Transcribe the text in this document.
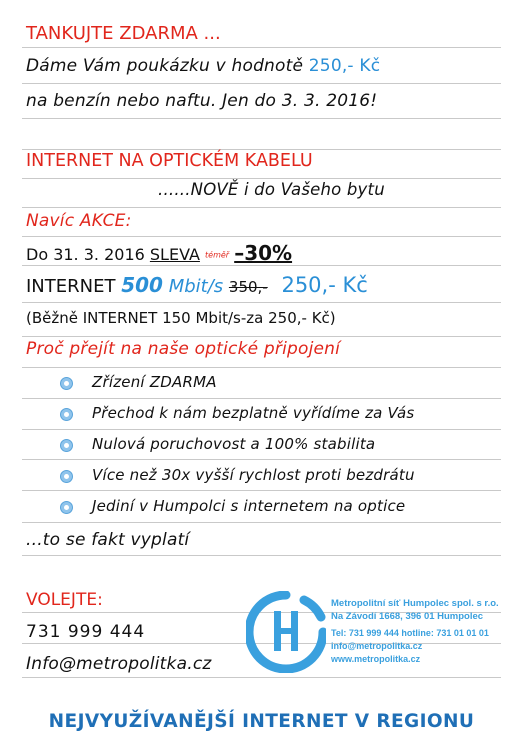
TANKUJTE ZDARMA ...
Dáme Vám poukázku v hodnotě 250,- Kč
na benzín nebo naftu. Jen do 3. 3. 2016!
INTERNET NA OPTICKÉM KABELU
......NOVĚ i do Vašeho bytu
Navíc AKCE:
Do 31. 3. 2016 SLEVA téměř –30%
INTERNET 500 Mbit/s 350,- 250,- Kč
(Běžně INTERNET 150 Mbit/s-za 250,- Kč)
Proč přejít na naše optické připojení
Zřízení ZDARMA
Přechod k nám bezplatně vyřídíme za Vás
Nulová poruchovost a 100% stabilita
Více než 30x vyšší rychlost proti bezdrátu
Jediní v Humpolci s internetem na optice
...to se fakt vyplatí
VOLEJTE:
731 999 444
Info@metropolitka.cz
Metropolitní síť Humpolec spol. s r.o.
Na Závodí 1668, 396 01 Humpolec
Tel: 731 999 444 hotline: 731 01 01 01
info@metropolitka.cz
www.metropolitka.cz
NEJVYUŽÍVANĚJŠÍ INTERNET V REGIONU
